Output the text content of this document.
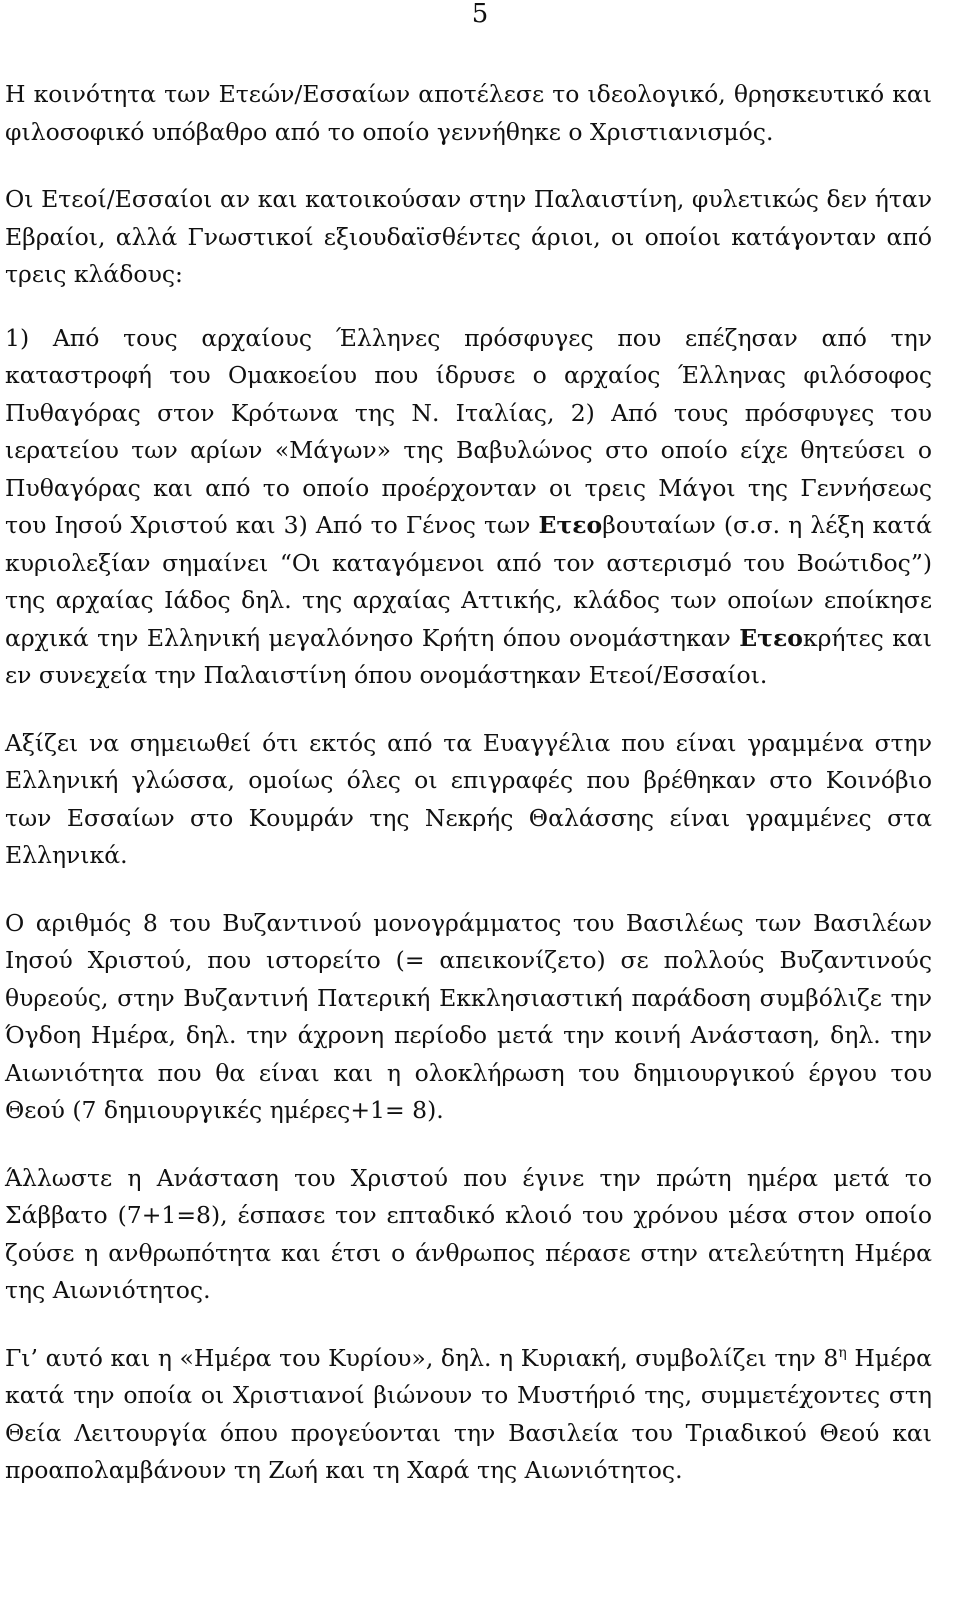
5

Η κοινότητα των Ετεών/Εσσαίων αποτέλεσε το ιδεολογικό, θρησκευτικό και φιλοσοφικό υπόβαθρο από το οποίο γεννήθηκε ο Χριστιανισμός.

Οι Ετεοί/Εσσαίοι αν και κατοικούσαν στην Παλαιστίνη, φυλετικώς δεν ήταν Εβραίοι, αλλά Γνωστικοί εξιουδαϊσθέντες άριοι, οι οποίοι κατάγονταν από τρεις κλάδους:

1) Από τους αρχαίους Έλληνες πρόσφυγες που επέζησαν από την καταστροφή του Ομακοείου που ίδρυσε ο αρχαίος Έλληνας φιλόσοφος Πυθαγόρας στον Κρότωνα της Ν. Ιταλίας, 2) Από τους πρόσφυγες του ιερατείου των αρίων «Μάγων» της Βαβυλώνος στο οποίο είχε θητεύσει ο Πυθαγόρας και από το οποίο προέρχονταν οι τρεις Μάγοι της Γεννήσεως του Ιησού Χριστού και 3) Από το Γένος των Ετεοβουταίων (σ.σ. η λέξη κατά κυριολεξίαν σημαίνει “Οι καταγόμενοι από τον αστερισμό του Βοώτιδος”) της αρχαίας Ιάδος δηλ. της αρχαίας Αττικής, κλάδος των οποίων εποίκησε αρχικά την Ελληνική μεγαλόνησο Κρήτη όπου ονομάστηκαν Ετεοκρήτες και εν συνεχεία την Παλαιστίνη όπου ονομάστηκαν Ετεοί/Εσσαίοι.

Αξίζει να σημειωθεί ότι εκτός από τα Ευαγγέλια που είναι γραμμένα στην Ελληνική γλώσσα, ομοίως όλες οι επιγραφές που βρέθηκαν στο Κοινόβιο των Εσσαίων στο Κουμράν της Νεκρής Θαλάσσης είναι γραμμένες στα Ελληνικά.

Ο αριθμός 8 του Βυζαντινού μονογράμματος του Βασιλέως των Βασιλέων Ιησού Χριστού, που ιστορείτο (= απεικονίζετο) σε πολλούς Βυζαντινούς θυρεούς, στην Βυζαντινή Πατερική Εκκλησιαστική παράδοση συμβόλιζε την Όγδοη Ημέρα, δηλ. την άχρονη περίοδο μετά την κοινή Ανάσταση, δηλ. την Αιωνιότητα που θα είναι και η ολοκλήρωση του δημιουργικού έργου του Θεού (7 δημιουργικές ημέρες+1= 8).

Άλλωστε η Ανάσταση του Χριστού που έγινε την πρώτη ημέρα μετά το Σάββατο (7+1=8), έσπασε τον επταδικό κλοιό του χρόνου μέσα στον οποίο ζούσε η ανθρωπότητα και έτσι ο άνθρωπος πέρασε στην ατελεύτητη Ημέρα της Αιωνιότητος.

Γι’ αυτό και η «Ημέρα του Κυρίου», δηλ. η Κυριακή, συμβολίζει την $8^\eta$ Ημέρα κατά την οποία οι Χριστιανοί βιώνουν το Μυστήριό της, συμμετέχοντες στη Θεία Λειτουργία όπου προγεύονται την Βασιλεία του Τριαδικού Θεού και προαπολαμβάνουν τη Ζωή και τη Χαρά της Αιωνιότητος.
